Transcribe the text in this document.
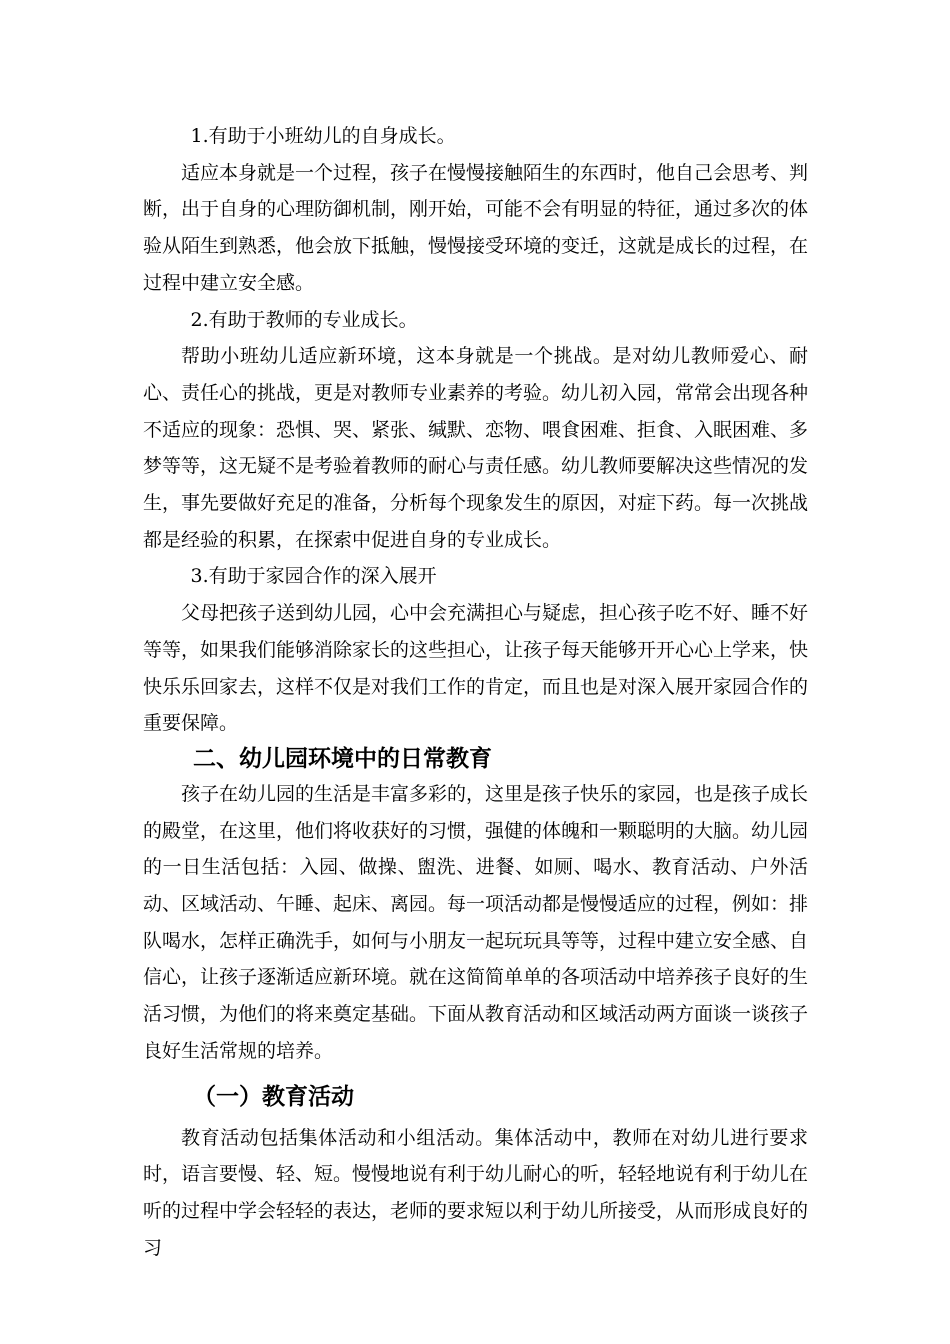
1.有助于小班幼儿的自身成长。

适应本身就是一个过程，孩子在慢慢接触陌生的东西时，他自己会思考、判断，出于自身的心理防御机制，刚开始，可能不会有明显的特征，通过多次的体验从陌生到熟悉，他会放下抵触，慢慢接受环境的变迁，这就是成长的过程，在过程中建立安全感。

2.有助于教师的专业成长。

帮助小班幼儿适应新环境，这本身就是一个挑战。是对幼儿教师爱心、耐心、责任心的挑战，更是对教师专业素养的考验。幼儿初入园，常常会出现各种不适应的现象：恐惧、哭、紧张、缄默、恋物、喂食困难、拒食、入眠困难、多梦等等，这无疑不是考验着教师的耐心与责任感。幼儿教师要解决这些情况的发生，事先要做好充足的准备，分析每个现象发生的原因，对症下药。每一次挑战都是经验的积累，在探索中促进自身的专业成长。

3.有助于家园合作的深入展开

父母把孩子送到幼儿园，心中会充满担心与疑虑，担心孩子吃不好、睡不好等等，如果我们能够消除家长的这些担心，让孩子每天能够开开心心上学来，快快乐乐回家去，这样不仅是对我们工作的肯定，而且也是对深入展开家园合作的重要保障。

二、幼儿园环境中的日常教育

孩子在幼儿园的生活是丰富多彩的，这里是孩子快乐的家园，也是孩子成长的殿堂，在这里，他们将收获好的习惯，强健的体魄和一颗聪明的大脑。幼儿园的一日生活包括：入园、做操、盥洗、进餐、如厕、喝水、教育活动、户外活动、区域活动、午睡、起床、离园。每一项活动都是慢慢适应的过程，例如：排队喝水，怎样正确洗手，如何与小朋友一起玩玩具等等，过程中建立安全感、自信心，让孩子逐渐适应新环境。就在这简简单单的各项活动中培养孩子良好的生活习惯，为他们的将来奠定基础。下面从教育活动和区域活动两方面谈一谈孩子良好生活常规的培养。

（一）教育活动

教育活动包括集体活动和小组活动。集体活动中，教师在对幼儿进行要求时，语言要慢、轻、短。慢慢地说有利于幼儿耐心的听，轻轻地说有利于幼儿在听的过程中学会轻轻的表达，老师的要求短以利于幼儿所接受，从而形成良好的习
